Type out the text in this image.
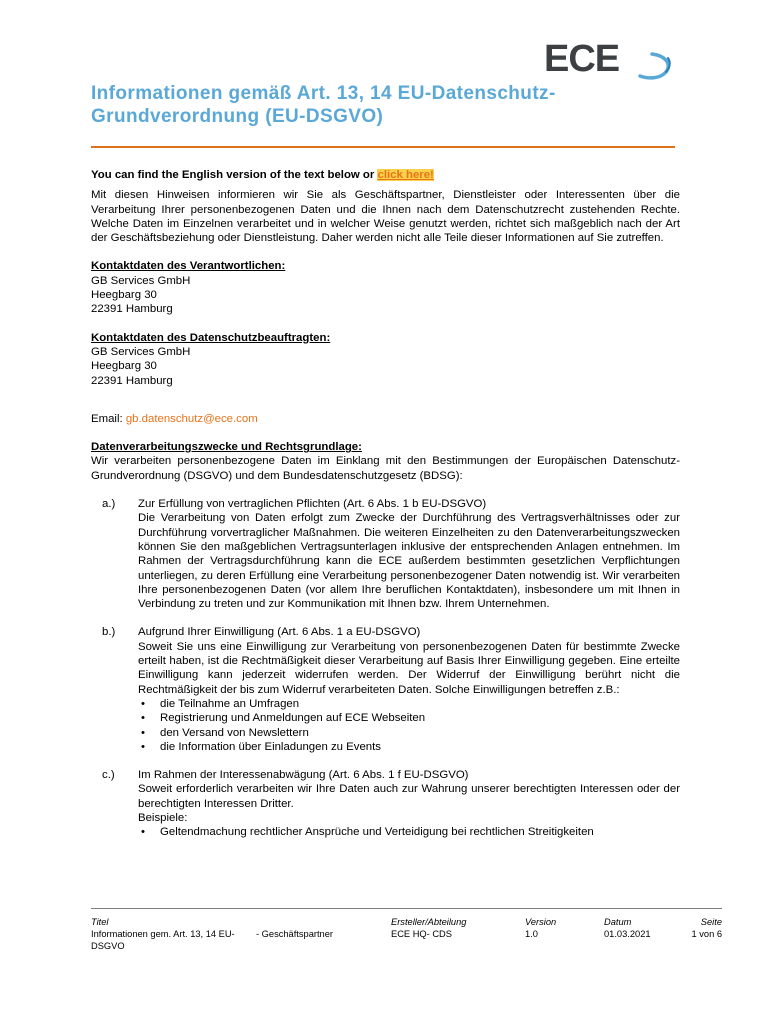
ECE
Informationen gemäß Art. 13, 14 EU-Datenschutz-
Grundverordnung (EU-DSGVO)

You can find the English version of the text below or click here!

Mit diesen Hinweisen informieren wir Sie als Geschäftspartner, Dienstleister oder Interessenten über die Verarbeitung Ihrer personenbezogenen Daten und die Ihnen nach dem Datenschutzrecht zustehenden Rechte. Welche Daten im Einzelnen verarbeitet und in welcher Weise genutzt werden, richtet sich maßgeblich nach der Art der Geschäftsbeziehung oder Dienstleistung. Daher werden nicht alle Teile dieser Informationen auf Sie zutreffen.

Kontaktdaten des Verantwortlichen:

GB Services GmbH

Heegbarg 30

22391 Hamburg

Kontaktdaten des Datenschutzbeauftragten:

GB Services GmbH

Heegbarg 30

22391 Hamburg

Email: gb.datenschutz@ece.com

Datenverarbeitungszwecke und Rechtsgrundlage:

Wir verarbeiten personenbezogene Daten im Einklang mit den Bestimmungen der Europäischen Datenschutz-Grundverordnung (DSGVO) und dem Bundesdatenschutzgesetz (BDSG):

a.) Zur Erfüllung von vertraglichen Pflichten (Art. 6 Abs. 1 b EU-DSGVO)

Die Verarbeitung von Daten erfolgt zum Zwecke der Durchführung des Vertragsverhältnisses oder zur Durchführung vorvertraglicher Maßnahmen. Die weiteren Einzelheiten zu den Datenverarbeitungszwecken können Sie den maßgeblichen Vertragsunterlagen inklusive der entsprechenden Anlagen entnehmen. Im Rahmen der Vertragsdurchführung kann die ECE außerdem bestimmten gesetzlichen Verpflichtungen unterliegen, zu deren Erfüllung eine Verarbeitung personenbezogener Daten notwendig ist. Wir verarbeiten Ihre personenbezogenen Daten (vor allem Ihre beruflichen Kontaktdaten), insbesondere um mit Ihnen in Verbindung zu treten und zur Kommunikation mit Ihnen bzw. Ihrem Unternehmen.

b.) Aufgrund Ihrer Einwilligung (Art. 6 Abs. 1 a EU-DSGVO)

Soweit Sie uns eine Einwilligung zur Verarbeitung von personenbezogenen Daten für bestimmte Zwecke erteilt haben, ist die Rechtmäßigkeit dieser Verarbeitung auf Basis Ihrer Einwilligung gegeben. Eine erteilte Einwilligung kann jederzeit widerrufen werden. Der Widerruf der Einwilligung berührt nicht die Rechtmäßigkeit der bis zum Widerruf verarbeiteten Daten. Solche Einwilligungen betreffen z.B.:

• die Teilnahme an Umfragen
• Registrierung und Anmeldungen auf ECE Webseiten
• den Versand von Newslettern
• die Information über Einladungen zu Events
c.) Im Rahmen der Interessenabwägung (Art. 6 Abs. 1 f EU-DSGVO)

Soweit erforderlich verarbeiten wir Ihre Daten auch zur Wahrung unserer berechtigten Interessen oder der berechtigten Interessen Dritter.

Beispiele:

• Geltendmachung rechtlicher Ansprüche und Verteidigung bei rechtlichen Streitigkeiten
Titel
Informationen gem. Art. 13, 14 EU-
DSGVO
- Geschäftspartner
Ersteller/Abteilung
ECE HQ- CDS
Version
1.0
Datum
01.03.2021
Seite
1 von 6
